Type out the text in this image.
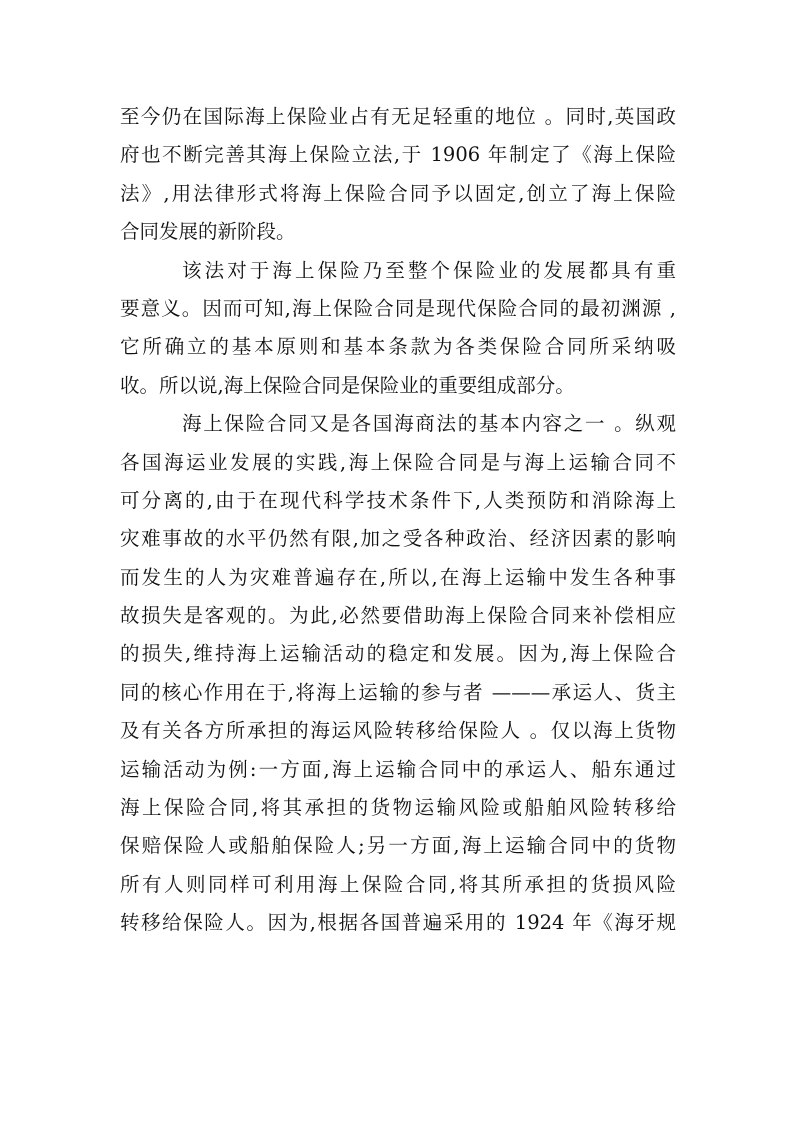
至今仍在国际海上保险业占有无足轻重的地位 。同时,英国政
府也不断完善其海上保险立法,于 1906 年制定了《海上保险
法》,用法律形式将海上保险合同予以固定,创立了海上保险
合同发展的新阶段。
该法对于海上保险乃至整个保险业的发展都具有重
要意义。因而可知,海上保险合同是现代保险合同的最初渊源 ,
它所确立的基本原则和基本条款为各类保险合同所采纳吸
收。所以说,海上保险合同是保险业的重要组成部分。
海上保险合同又是各国海商法的基本内容之一 。纵观
各国海运业发展的实践,海上保险合同是与海上运输合同不
可分离的,由于在现代科学技术条件下,人类预防和消除海上
灾难事故的水平仍然有限,加之受各种政治、经济因素的影响
而发生的人为灾难普遍存在,所以,在海上运输中发生各种事
故损失是客观的。为此,必然要借助海上保险合同来补偿相应
的损失,维持海上运输活动的稳定和发展。因为,海上保险合
同的核心作用在于,将海上运输的参与者 ———承运人、货主
及有关各方所承担的海运风险转移给保险人 。仅以海上货物
运输活动为例:一方面,海上运输合同中的承运人、船东通过
海上保险合同,将其承担的货物运输风险或船舶风险转移给
保赔保险人或船舶保险人;另一方面,海上运输合同中的货物
所有人则同样可利用海上保险合同,将其所承担的货损风险
转移给保险人。因为,根据各国普遍采用的 1924 年《海牙规
